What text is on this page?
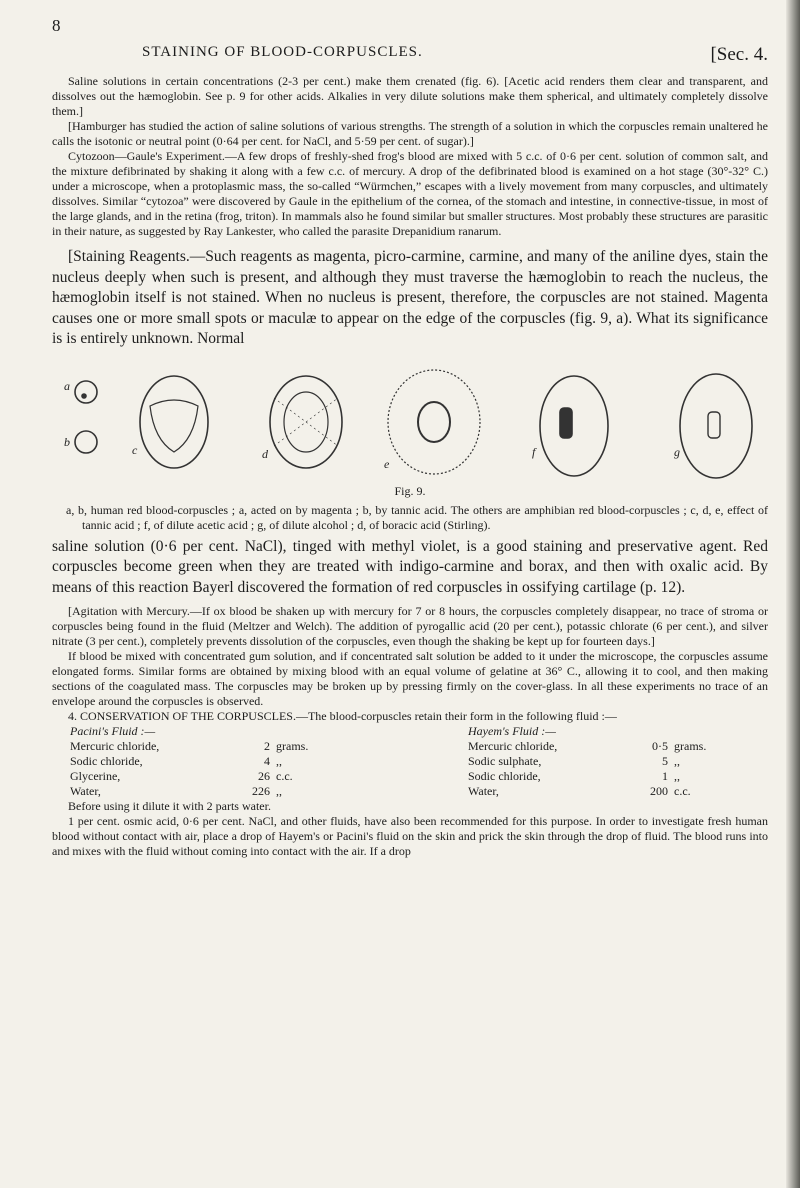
8
STAINING OF BLOOD-CORPUSCLES.	[Sec. 4.

Saline solutions in certain concentrations (2-3 per cent.) make them crenated (fig. 6). [Acetic acid renders them clear and transparent, and dissolves out the hæmoglobin. See p. 9 for other acids. Alkalies in very dilute solutions make them spherical, and ultimately completely dissolve them.]

[Hamburger has studied the action of saline solutions of various strengths. The strength of a solution in which the corpuscles remain unaltered he calls the isotonic or neutral point (0·64 per cent. for NaCl, and 5·59 per cent. of sugar).]

Cytozoon—Gaule's Experiment.—A few drops of freshly-shed frog's blood are mixed with 5 c.c. of 0·6 per cent. solution of common salt, and the mixture defibrinated by shaking it along with a few c.c. of mercury. A drop of the defibrinated blood is examined on a hot stage (30°-32° C.) under a microscope, when a protoplasmic mass, the so-called “Würmchen,” escapes with a lively movement from many corpuscles, and ultimately dissolves. Similar “cytozoa” were discovered by Gaule in the epithelium of the cornea, of the stomach and intestine, in connective-tissue, in most of the large glands, and in the retina (frog, triton). In mammals also he found similar but smaller structures. Most probably these structures are parasitic in their nature, as suggested by Ray Lankester, who called the parasite Drepanidium ranarum.

[Staining Reagents.—Such reagents as magenta, picro-carmine, carmine, and many of the aniline dyes, stain the nucleus deeply when such is present, and although they must traverse the hæmoglobin to reach the nucleus, the hæmoglobin itself is not stained. When no nucleus is present, therefore, the corpuscles are not stained. Magenta causes one or more small spots or maculæ to appear on the edge of the corpuscles (fig. 9, a). What its significance is is entirely unknown. Normal

a
b
c	d
e
f	g
Fig. 9.

a, b, human red blood-corpuscles ; a, acted on by magenta ; b, by tannic acid. The others are amphibian red blood-corpuscles ; c, d, e, effect of tannic acid ; f, of dilute acetic acid ; g, of dilute alcohol ; d, of boracic acid (Stirling).

saline solution (0·6 per cent. NaCl), tinged with methyl violet, is a good staining and preservative agent. Red corpuscles become green when they are treated with indigo-carmine and borax, and then with oxalic acid. By means of this reaction Bayerl discovered the formation of red corpuscles in ossifying cartilage (p. 12).

[Agitation with Mercury.—If ox blood be shaken up with mercury for 7 or 8 hours, the corpuscles completely disappear, no trace of stroma or corpuscles being found in the fluid (Meltzer and Welch). The addition of pyrogallic acid (20 per cent.), potassic chlorate (6 per cent.), and silver nitrate (3 per cent.), completely prevents dissolution of the corpuscles, even though the shaking be kept up for fourteen days.]

If blood be mixed with concentrated gum solution, and if concentrated salt solution be added to it under the microscope, the corpuscles assume elongated forms. Similar forms are obtained by mixing blood with an equal volume of gelatine at 36° C., allowing it to cool, and then making sections of the coagulated mass. The corpuscles may be broken up by pressing firmly on the cover-glass. In all these experiments no trace of an envelope around the corpuscles is observed.

4. CONSERVATION OF THE CORPUSCLES.—The blood-corpuscles retain their form in the following fluid :—

Pacini's Fluid :—
Mercuric chloride,	2 grams.
Sodic chloride,	4 ,,
Glycerine,	26 c.c.
Water,	226 ,,
Hayem's Fluid :—
Mercuric chloride,	0·5 grams.
Sodic sulphate,	5 ,,
Sodic chloride,	1 ,,
Water,	200 c.c.

Before using it dilute it with 2 parts water.

1 per cent. osmic acid, 0·6 per cent. NaCl, and other fluids, have also been recommended for this purpose. In order to investigate fresh human blood without contact with air, place a drop of Hayem's or Pacini's fluid on the skin and prick the skin through the drop of fluid. The blood runs into and mixes with the fluid without coming into contact with the air. If a drop
